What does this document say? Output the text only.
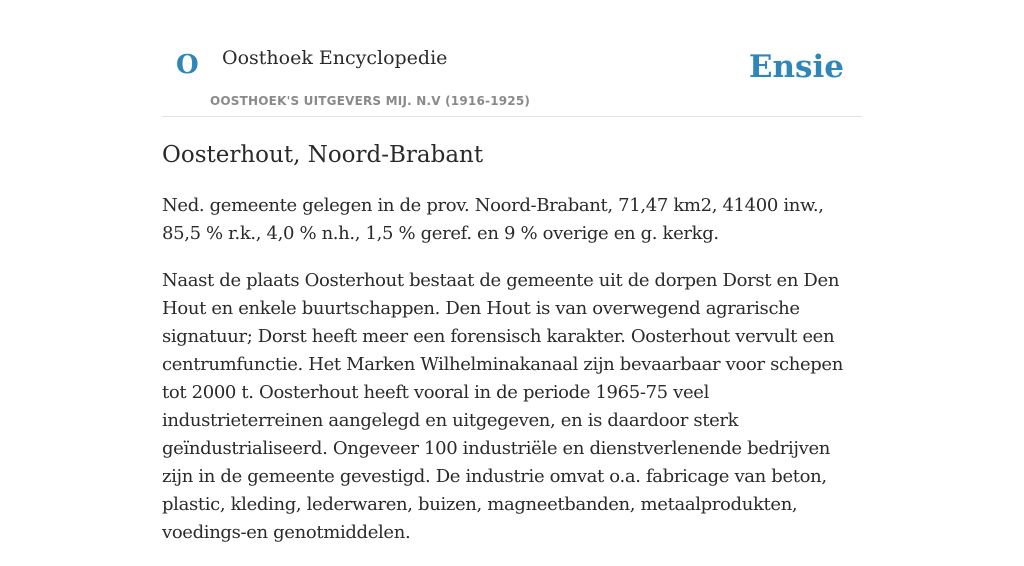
O Oosthoek Encyclopedie
OOSTHOEK'S UITGEVERS MIJ. N.V (1916-1925)
Ensie
Oosterhout, Noord-Brabant

Ned. gemeente gelegen in de prov. Noord-Brabant, 71,47 km2, 41400 inw., 85,5 % r.k., 4,0 % n.h., 1,5 % geref. en 9 % overige en g. kerkg.

Naast de plaats Oosterhout bestaat de gemeente uit de dorpen Dorst en Den Hout en enkele buurtschappen. Den Hout is van overwegend agrarische signatuur; Dorst heeft meer een forensisch karakter. Oosterhout vervult een centrumfunctie. Het Marken Wilhelminakanaal zijn bevaarbaar voor schepen tot 2000 t. Oosterhout heeft vooral in de periode 1965-75 veel industrieterreinen aangelegd en uitgegeven, en is daardoor sterk geïndustrialiseerd. Ongeveer 100 industriële en dienstverlenende bedrijven zijn in de gemeente gevestigd. De industrie omvat o.a. fabricage van beton, plastic, kleding, lederwaren, buizen, magneetbanden, metaalprodukten, voedings-en genotmiddelen.
